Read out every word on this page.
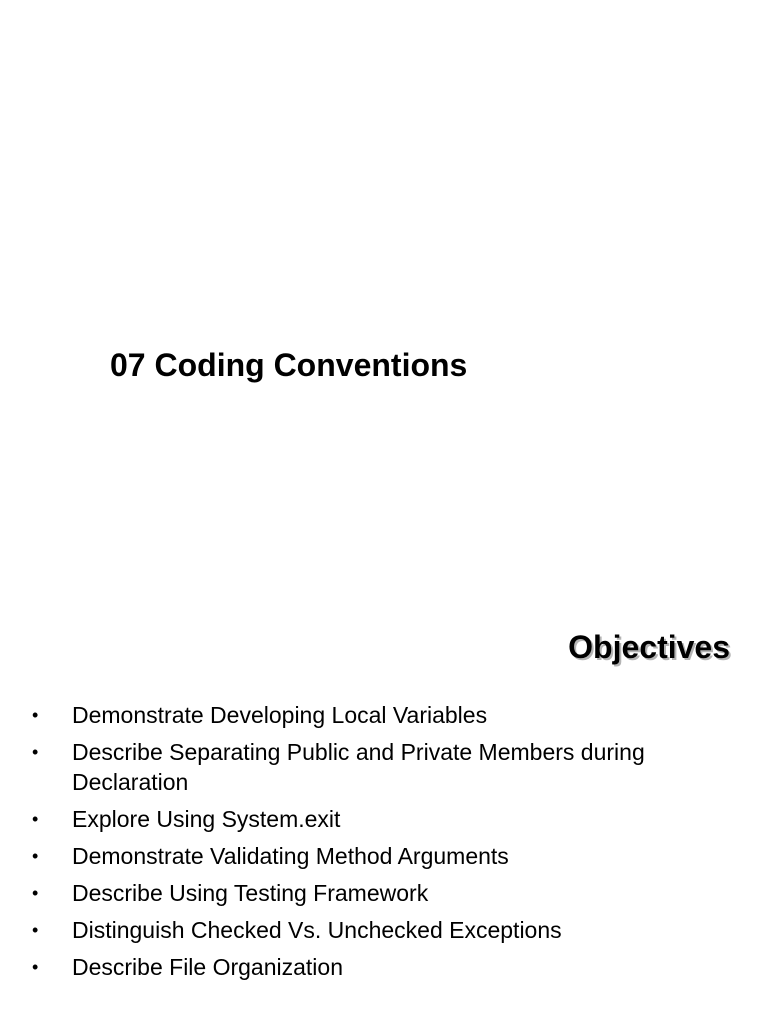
07 Coding Conventions
Objectives
•	Demonstrate Developing Local Variables
•	Describe Separating Public and Private Members during Declaration
•	Explore Using System.exit
•	Demonstrate Validating Method Arguments
•	Describe Using Testing Framework
•	Distinguish Checked Vs. Unchecked Exceptions
•	Describe File Organization
